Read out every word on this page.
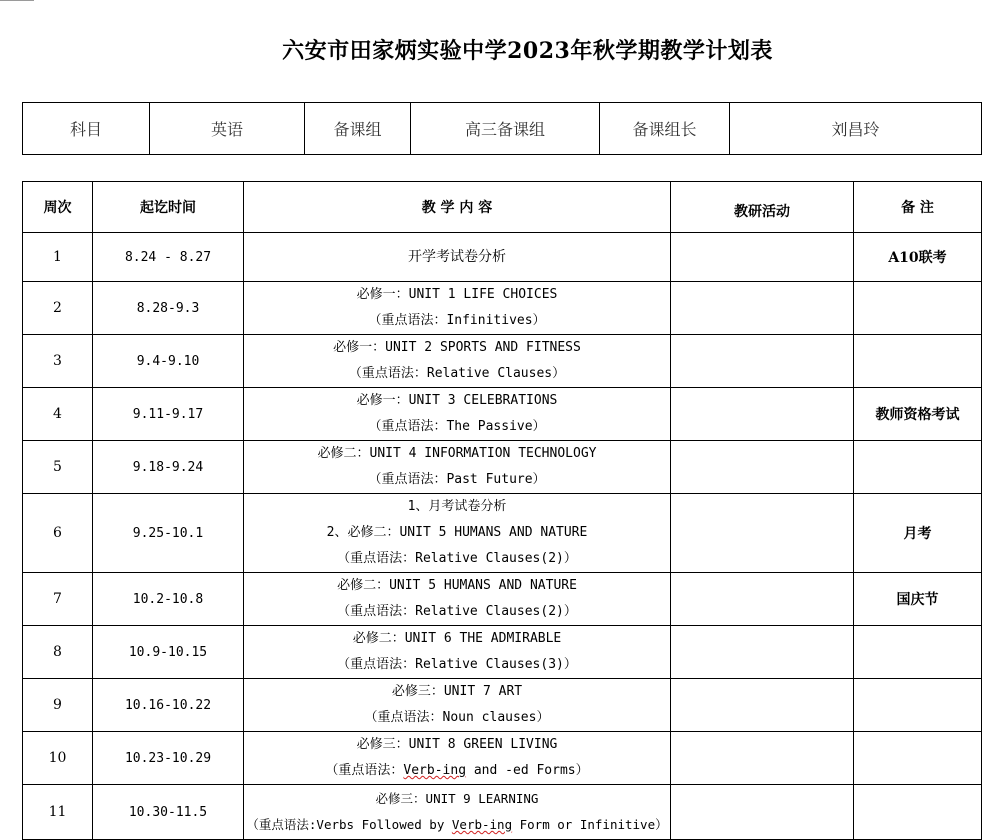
六安市田家炳实验中学2023年秋学期教学计划表
科目	英语	备课组	高三备课组	备课组长	刘昌玲
周次	起讫时间	教 学 内 容	教研活动	备 注
1	8.24 - 8.27	开学考试卷分析		A10联考
2	8.28-9.3	必修一：UNIT 1 LIFE CHOICES
（重点语法：Infinitives）		

3	9.4-9.10	必修一：UNIT 2 SPORTS AND FITNESS
（重点语法：Relative Clauses）		

4	9.11-9.17	必修一：UNIT 3 CELEBRATIONS
（重点语法：The Passive）		教师资格考试
5	9.18-9.24	必修二：UNIT 4 INFORMATION TECHNOLOGY
（重点语法：Past Future）		

6	9.25-10.1	1、月考试卷分析
2、必修二：UNIT 5 HUMANS AND NATURE
（重点语法：Relative Clauses(2)）		月考
7	10.2-10.8	必修二：UNIT 5 HUMANS AND NATURE
（重点语法：Relative Clauses(2)）		国庆节
8	10.9-10.15	必修二：UNIT 6 THE ADMIRABLE
（重点语法：Relative Clauses(3)）		

9	10.16-10.22	必修三：UNIT 7 ART
（重点语法：Noun clauses）		

10	10.23-10.29	必修三：UNIT 8 GREEN LIVING
（重点语法：Verb-ing and -ed Forms）		

11	10.30-11.5	必修三：UNIT 9 LEARNING
（重点语法:Verbs Followed by Verb-ing Form or Infinitive）		
